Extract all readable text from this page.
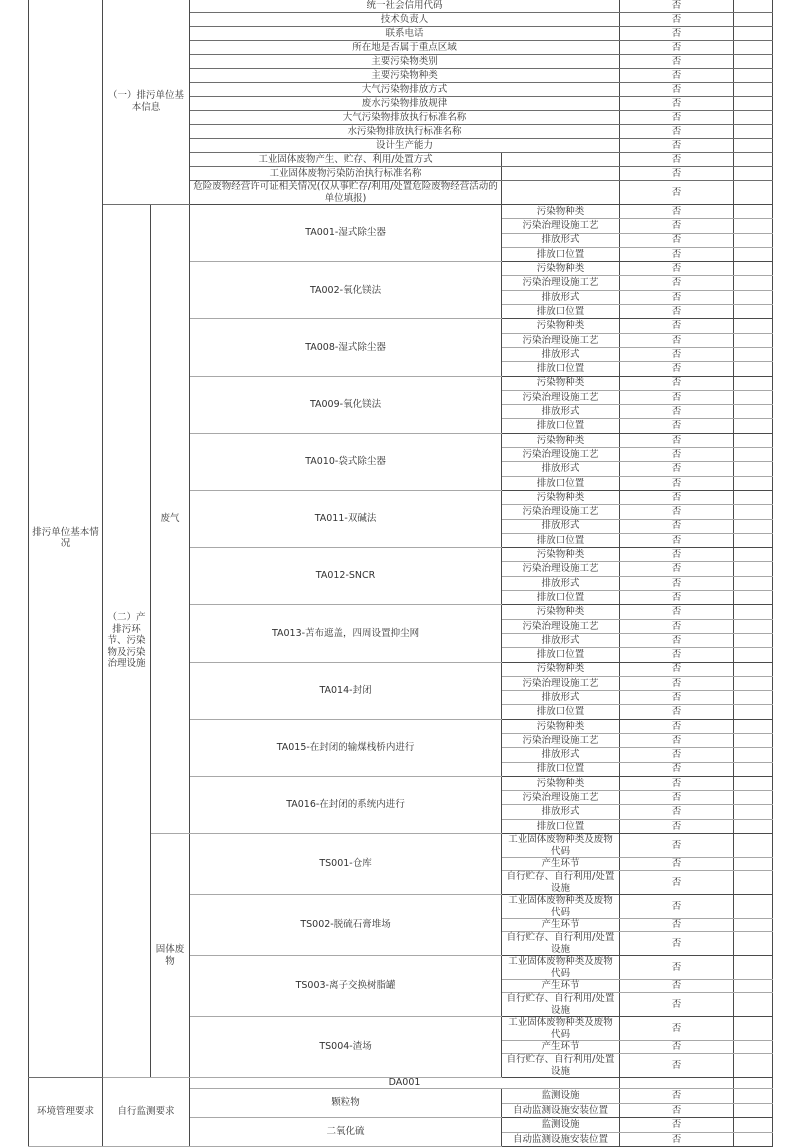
排污单位基本情况	（一）排污单位基本信息		统一社会信用代码		否	
			技术负责人		否	
			联系电话		否	
			所在地是否属于重点区域		否	
			主要污染物类别		否	
			主要污染物种类		否	
			大气污染物排放方式		否	
			废水污染物排放规律		否	
			大气污染物排放执行标准名称		否	
			水污染物排放执行标准名称		否	
			设计生产能力		否	
			工业固体废物产生、贮存、利用/处置方式		否	
			工业固体废物污染防治执行标准名称		否	
			危险废物经营许可证相关情况(仅从事贮存/利用/处置危险废物经营活动的单位填报)		否	
	（二）产排污环节、污染物及污染治理设施	废气	TA001-湿式除尘器	污染物种类	否	
				污染治理设施工艺	否	
				排放形式	否	
				排放口位置	否	
			TA002-氧化镁法	污染物种类	否	
				污染治理设施工艺	否	
				排放形式	否	
				排放口位置	否	
			TA008-湿式除尘器	污染物种类	否	
				污染治理设施工艺	否	
				排放形式	否	
				排放口位置	否	
			TA009-氧化镁法	污染物种类	否	
				污染治理设施工艺	否	
				排放形式	否	
				排放口位置	否	
			TA010-袋式除尘器	污染物种类	否	
				污染治理设施工艺	否	
				排放形式	否	
				排放口位置	否	
			TA011-双碱法	污染物种类	否	
				污染治理设施工艺	否	
				排放形式	否	
				排放口位置	否	
			TA012-SNCR	污染物种类	否	
				污染治理设施工艺	否	
				排放形式	否	
				排放口位置	否	
			TA013-苫布遮盖，四周设置抑尘网	污染物种类	否	
				污染治理设施工艺	否	
				排放形式	否	
				排放口位置	否	
			TA014-封闭	污染物种类	否	
				污染治理设施工艺	否	
				排放形式	否	
				排放口位置	否	
			TA015-在封闭的输煤栈桥内进行	污染物种类	否	
				污染治理设施工艺	否	
				排放形式	否	
				排放口位置	否	
			TA016-在封闭的系统内进行	污染物种类	否	
				污染治理设施工艺	否	
				排放形式	否	
				排放口位置	否	
		固体废物	TS001-仓库	工业固体废物种类及废物代码	否	
				产生环节	否	
				自行贮存、自行利用/处置设施	否	
			TS002-脱硫石膏堆场	工业固体废物种类及废物代码	否	
				产生环节	否	
				自行贮存、自行利用/处置设施	否	
			TS003-离子交换树脂罐	工业固体废物种类及废物代码	否	
				产生环节	否	
				自行贮存、自行利用/处置设施	否	
			TS004-渣场	工业固体废物种类及废物代码	否	
				产生环节	否	
				自行贮存、自行利用/处置设施	否	
环境管理要求	自行监测要求		DA001			
			颗粒物	监测设施	否	
				自动监测设施安装位置	否	
			二氧化硫	监测设施	否	
				自动监测设施安装位置	否	
